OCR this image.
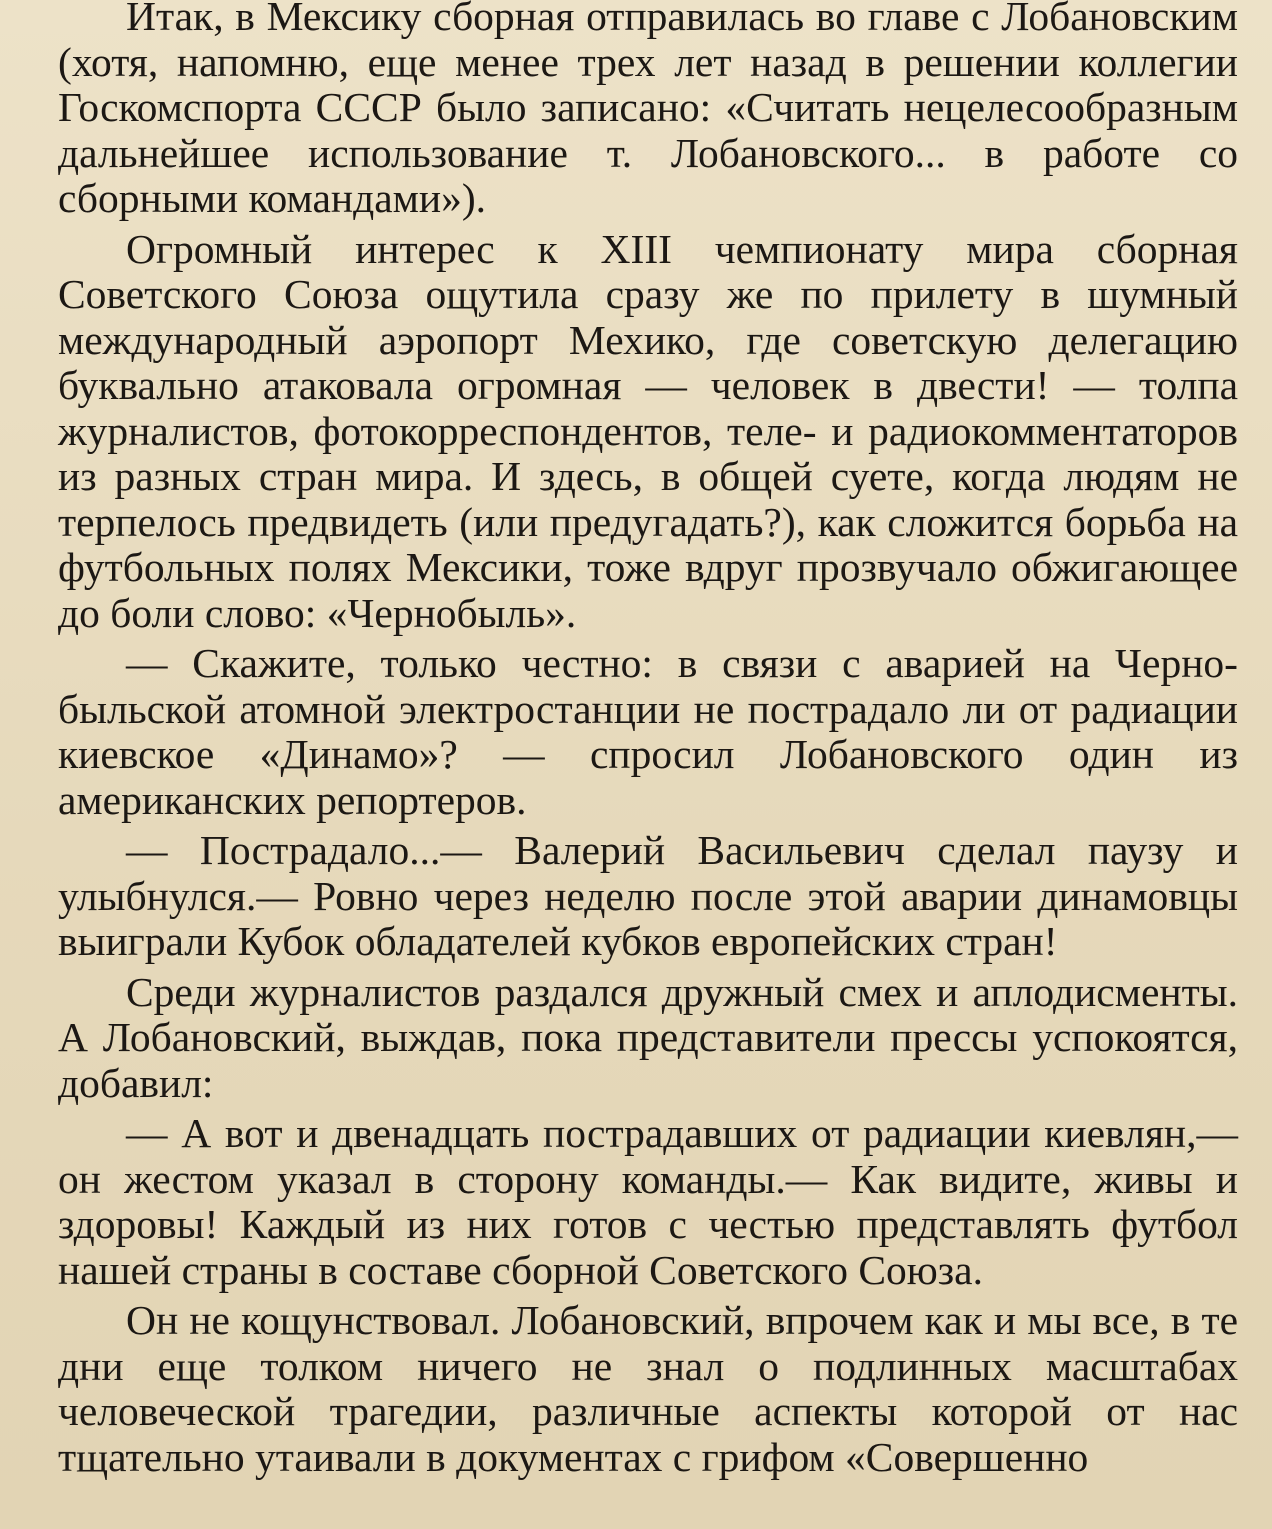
Итак, в Мексику сборная отправилась во главе с Лобановским (хотя, напомню, еще менее трех лет назад в решении коллегии Госкомспорта СССР было записано: «Считать нецелесообразным дальнейшее использование т. Лобановского... в работе со сборными командами»).

Огромный интерес к XIII чемпионату мира сборная Советского Союза ощутила сразу же по прилету в шумный международный аэропорт Мехико, где советскую делегацию буквально атаковала огромная — человек в двести! — толпа журналистов, фотокорреспондентов, теле- и радиокомментаторов из разных стран мира. И здесь, в общей суете, когда людям не терпелось предвидеть (или предугадать?), как сложится борьба на футбольных полях Мексики, тоже вдруг прозвучало обжигающее до боли слово: «Чернобыль».

— Скажите, только честно: в связи с аварией на Чернобыльской атомной электростанции не пострадало ли от радиации киевское «Динамо»? — спросил Лобановского один из американских репортеров.

— Пострадало...— Валерий Васильевич сделал паузу и улыбнулся.— Ровно через неделю после этой аварии динамовцы выиграли Кубок обладателей кубков европейских стран!

Среди журналистов раздался дружный смех и аплодисменты. А Лобановский, выждав, пока представители прессы успокоятся, добавил:

— А вот и двенадцать пострадавших от радиации киевлян,— он жестом указал в сторону команды.— Как видите, живы и здоровы! Каждый из них готов с честью представлять футбол нашей страны в составе сборной Советского Союза.

Он не кощунствовал. Лобановский, впрочем как и мы все, в те дни еще толком ничего не знал о подлинных масштабах человеческой трагедии, различные аспекты которой от нас тщательно утаивали в документах с грифом «Совершенно
